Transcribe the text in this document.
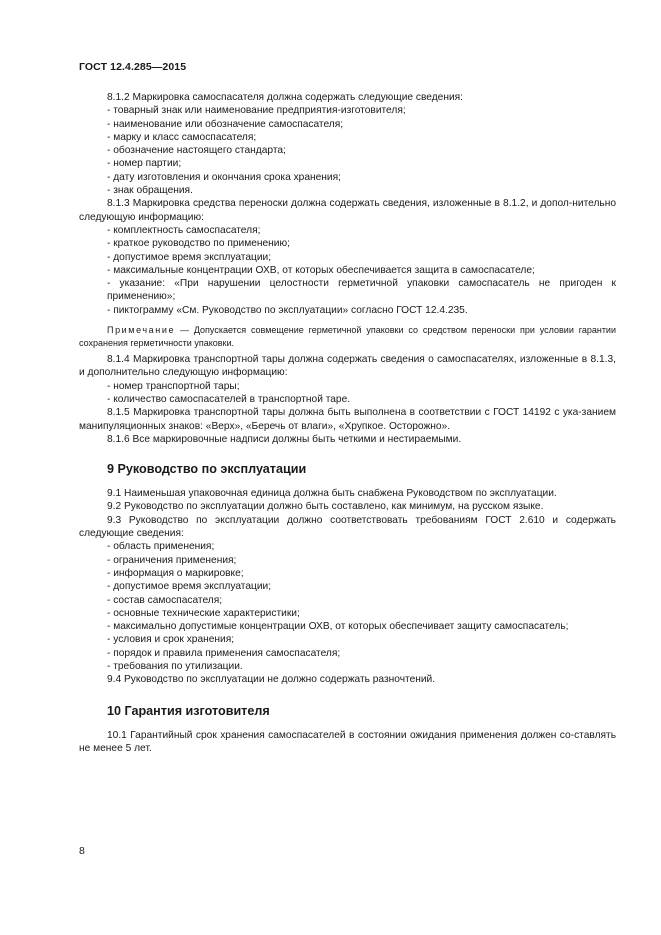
ГОСТ 12.4.285—2015

8.1.2 Маркировка самоспасателя должна содержать следующие сведения:

- товарный знак или наименование предприятия-изготовителя;
- наименование или обозначение самоспасателя;
- марку и класс самоспасателя;
- обозначение настоящего стандарта;
- номер партии;
- дату изготовления и окончания срока хранения;
- знак обращения.

8.1.3 Маркировка средства переноски должна содержать сведения, изложенные в 8.1.2, и допол-нительно следующую информацию:

- комплектность самоспасателя;
- краткое руководство по применению;
- допустимое время эксплуатации;
- максимальные концентрации ОХВ, от которых обеспечивается защита в самоспасателе;
- указание: «При нарушении целостности герметичной упаковки самоспасатель не пригоден к применению»;
- пиктограмму «См. Руководство по эксплуатации» согласно ГОСТ 12.4.235.

Примечание — Допускается совмещение герметичной упаковки со средством переноски при условии гарантии сохранения герметичности упаковки.

8.1.4 Маркировка транспортной тары должна содержать сведения о самоспасателях, изложенные в 8.1.3, и дополнительно следующую информацию:

- номер транспортной тары;
- количество самоспасателей в транспортной таре.

8.1.5 Маркировка транспортной тары должна быть выполнена в соответствии с ГОСТ 14192 с ука-занием манипуляционных знаков: «Верх», «Беречь от влаги», «Хрупкое. Осторожно».

8.1.6 Все маркировочные надписи должны быть четкими и нестираемыми.

9 Руководство по эксплуатации

9.1 Наименьшая упаковочная единица должна быть снабжена Руководством по эксплуатации.

9.2 Руководство по эксплуатации должно быть составлено, как минимум, на русском языке.

9.3 Руководство по эксплуатации должно соответствовать требованиям ГОСТ 2.610 и содержать следующие сведения:

- область применения;
- ограничения применения;
- информация о маркировке;
- допустимое время эксплуатации;
- состав самоспасателя;
- основные технические характеристики;
- максимально допустимые концентрации ОХВ, от которых обеспечивает защиту самоспасатель;
- условия и срок хранения;
- порядок и правила применения самоспасателя;
- требования по утилизации.

9.4 Руководство по эксплуатации не должно содержать разночтений.

10 Гарантия изготовителя

10.1 Гарантийный срок хранения самоспасателей в состоянии ожидания применения должен со-ставлять не менее 5 лет.

8
